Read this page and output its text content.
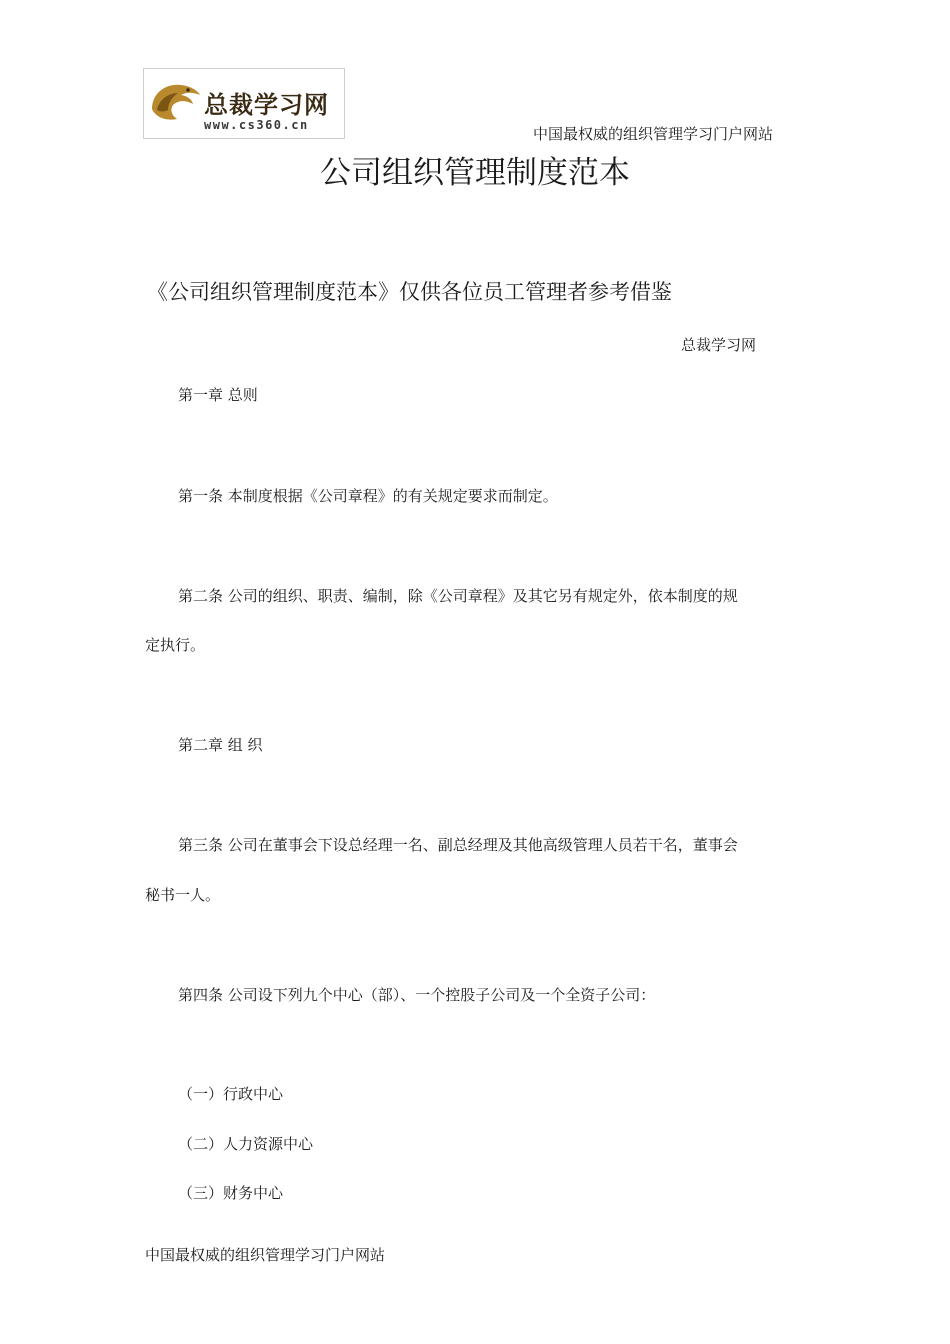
总裁学习网
www.cs360.cn	中国最权威的组织管理学习门户网站
公司组织管理制度范本
《公司组织管理制度范本》仅供各位员工管理者参考借鉴
总裁学习网
第一章 总则
第一条 本制度根据《公司章程》的有关规定要求而制定。
第二条 公司的组织、职责、编制，除《公司章程》及其它另有规定外，依本制度的规
定执行。
第二章 组 织
第三条 公司在董事会下设总经理一名、副总经理及其他高级管理人员若干名，董事会
秘书一人。
第四条 公司设下列九个中心（部）、一个控股子公司及一个全资子公司：
（一）行政中心
（二）人力资源中心
（三）财务中心
中国最权威的组织管理学习门户网站
